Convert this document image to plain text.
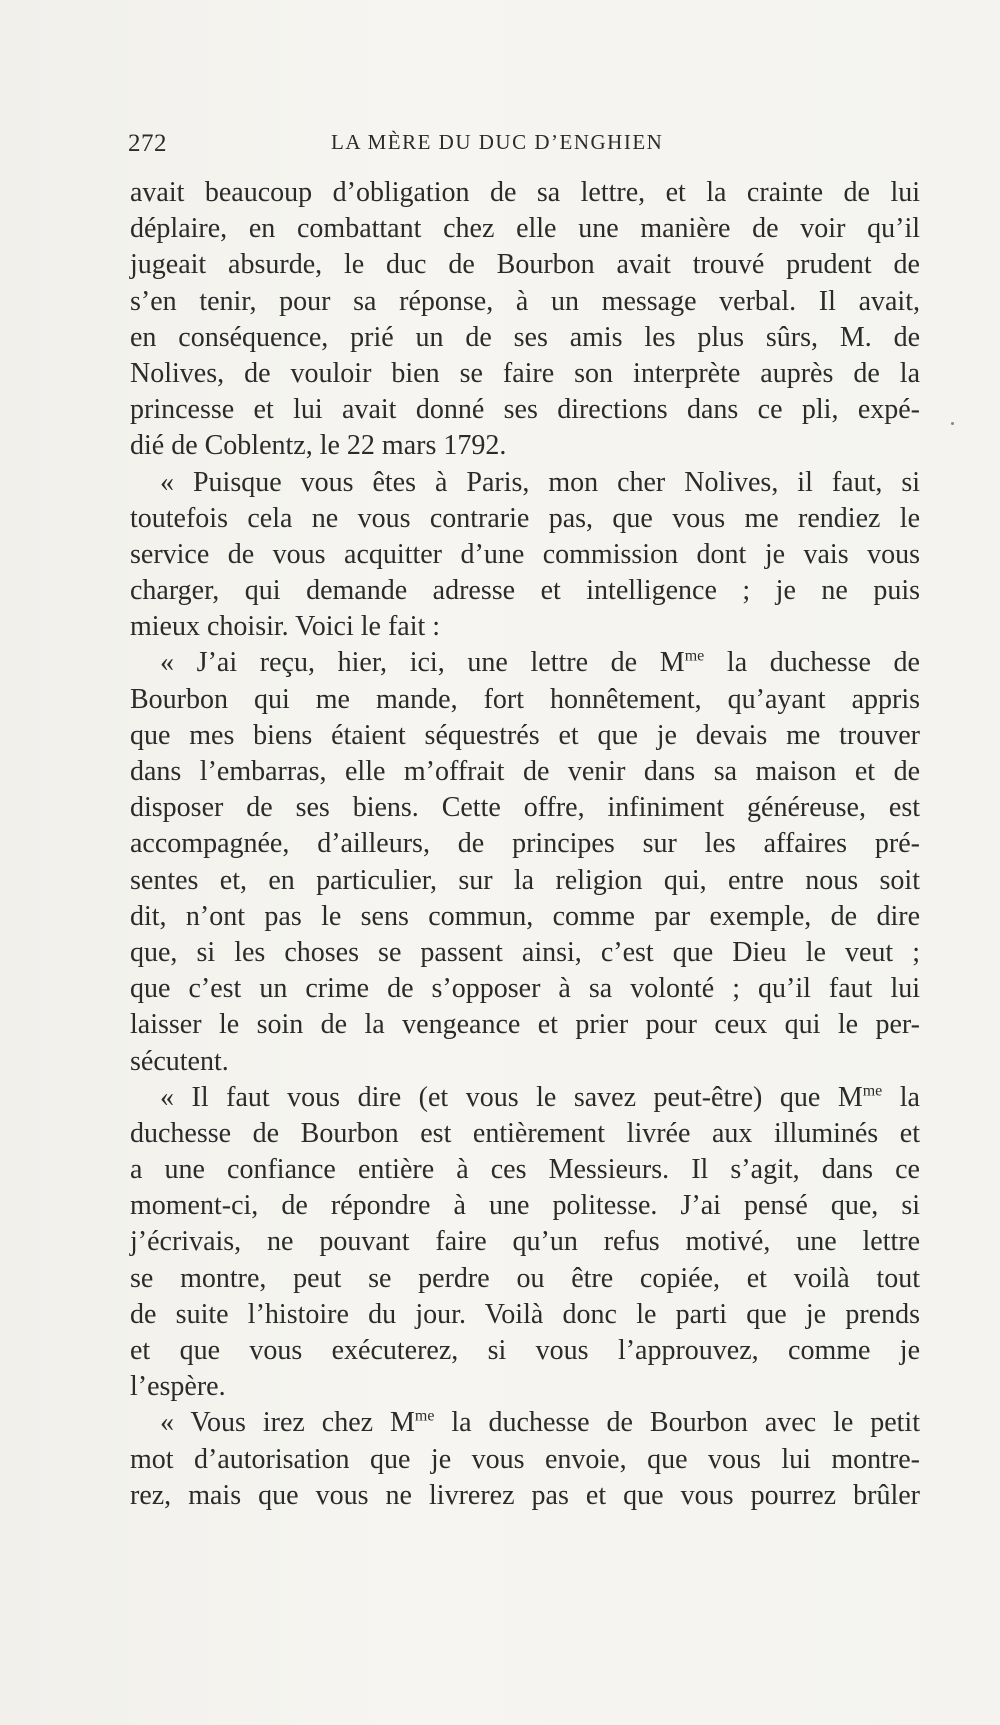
272	LA MÈRE DU DUC D’ENGHIEN
avait beaucoup d’obligation de sa lettre, et la crainte de lui
déplaire, en combattant chez elle une manière de voir qu’il
jugeait absurde, le duc de Bourbon avait trouvé prudent de
s’en tenir, pour sa réponse, à un message verbal. Il avait,
en conséquence, prié un de ses amis les plus sûrs, M. de
Nolives, de vouloir bien se faire son interprète auprès de la
princesse et lui avait donné ses directions dans ce pli, expé-
dié de Coblentz, le 22 mars 1792.
« Puisque vous êtes à Paris, mon cher Nolives, il faut, si
toutefois cela ne vous contrarie pas, que vous me rendiez le
service de vous acquitter d’une commission dont je vais vous
charger, qui demande adresse et intelligence ; je ne puis
mieux choisir. Voici le fait :
« J’ai reçu, hier, ici, une lettre de $M^{me}$ la duchesse de
Bourbon qui me mande, fort honnêtement, qu’ayant appris
que mes biens étaient séquestrés et que je devais me trouver
dans l’embarras, elle m’offrait de venir dans sa maison et de
disposer de ses biens. Cette offre, infiniment généreuse, est
accompagnée, d’ailleurs, de principes sur les affaires pré-
sentes et, en particulier, sur la religion qui, entre nous soit
dit, n’ont pas le sens commun, comme par exemple, de dire
que, si les choses se passent ainsi, c’est que Dieu le veut ;
que c’est un crime de s’opposer à sa volonté ; qu’il faut lui
laisser le soin de la vengeance et prier pour ceux qui le per-
sécutent.
« Il faut vous dire (et vous le savez peut-être) que $M^{me}$ la
duchesse de Bourbon est entièrement livrée aux illuminés et
a une confiance entière à ces Messieurs. Il s’agit, dans ce
moment-ci, de répondre à une politesse. J’ai pensé que, si
j’écrivais, ne pouvant faire qu’un refus motivé, une lettre
se montre, peut se perdre ou être copiée, et voilà tout
de suite l’histoire du jour. Voilà donc le parti que je prends
et que vous exécuterez, si vous l’approuvez, comme je
l’espère.
« Vous irez chez $M^{me}$ la duchesse de Bourbon avec le petit
mot d’autorisation que je vous envoie, que vous lui montre-
rez, mais que vous ne livrerez pas et que vous pourrez brûler
